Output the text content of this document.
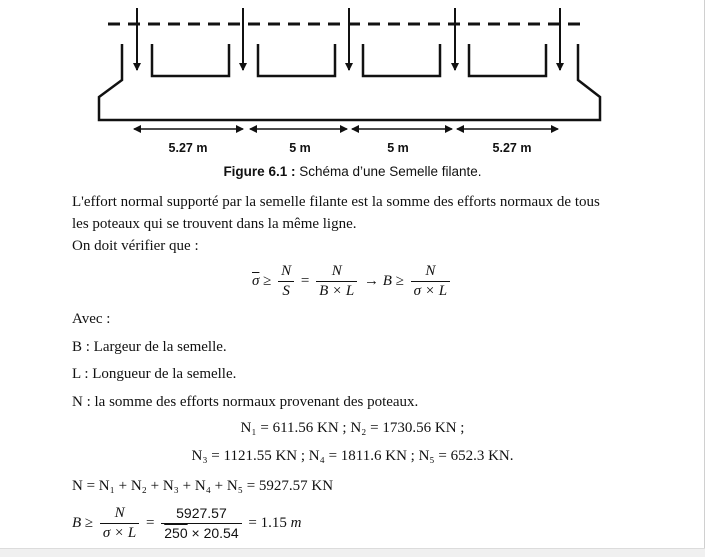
5.27 m	5 m	5 m	5.27 m
Figure 6.1 : Schéma d’une Semelle filante.
L'effort normal supporté par la semelle filante est la somme des efforts normaux de tous
les poteaux qui se trouvent dans la même ligne.
On doit vérifier que :
$\overline{\sigma} \ge \frac{N}{S} = \frac{N}{B \times L} \to B \ge \frac{N}{\sigma \times L}$
Avec :
B : Largeur de la semelle.
L : Longueur de la semelle.
N : la somme des efforts normaux provenant des poteaux.
N₁ = 611.56 KN ; N₂ = 1730.56 KN ;
N₃ = 1121.55 KN ; N₄ = 1811.6 KN ; N₅ = 652.3 KN.
N = N₁ + N₂ + N₃ + N₄ + N₅ = 5927.57 KN
$B \ge \frac{N}{\sigma \times L} = \frac{5927.57}{250 \times 20.54} = 1.15$ m
